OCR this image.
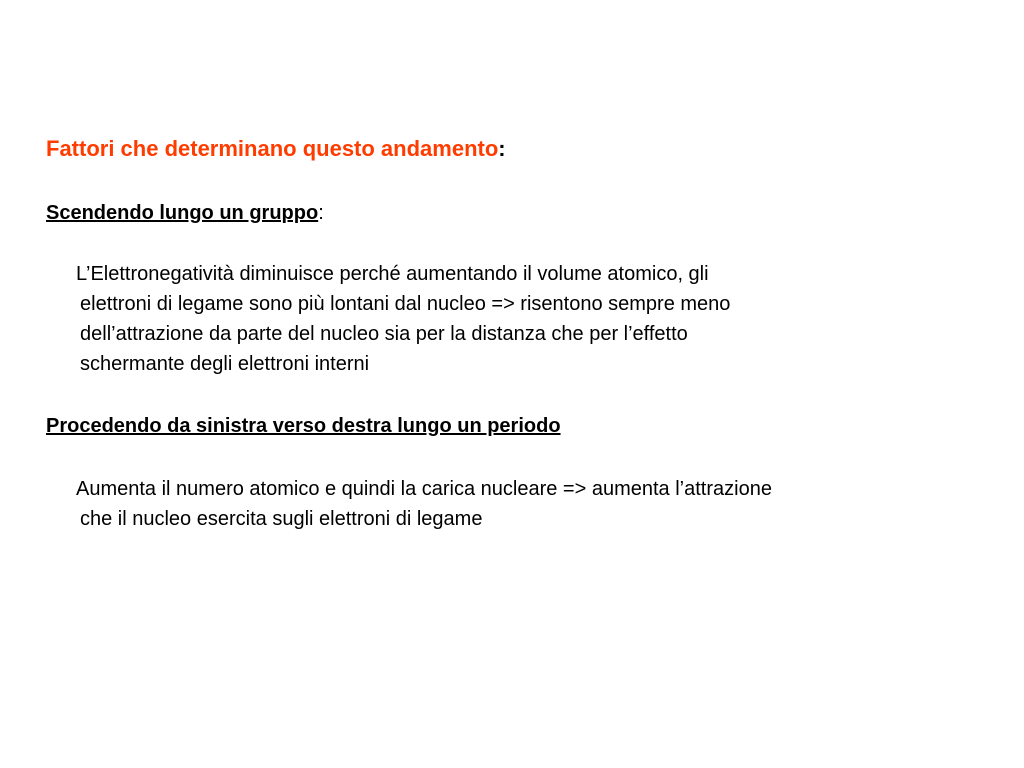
Fattori che determinano questo andamento:
Scendendo lungo un gruppo:
L’Elettronegatività diminuisce perché aumentando il volume atomico, gli
elettroni di legame sono più lontani dal nucleo => risentono sempre meno
dell’attrazione da parte del nucleo sia per la distanza che per l’effetto
schermante degli elettroni interni
Procedendo da sinistra verso destra lungo un periodo
Aumenta il numero atomico e quindi la carica nucleare => aumenta l’attrazione
che il nucleo esercita sugli elettroni di legame
